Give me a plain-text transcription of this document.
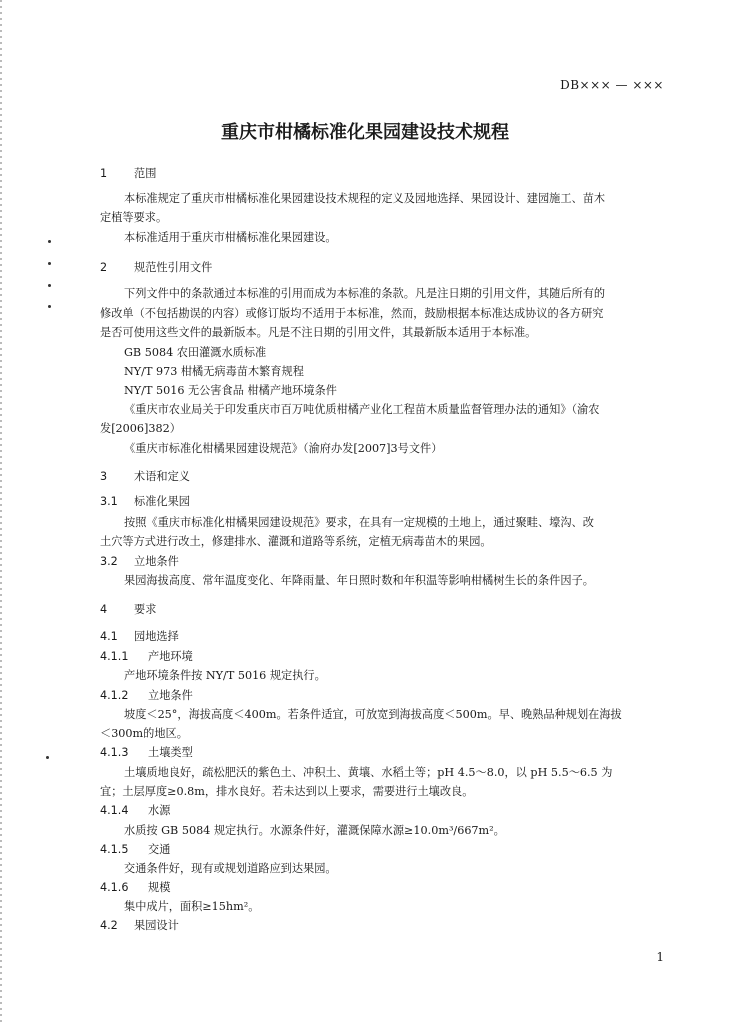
DB××× — ×××
重庆市柑橘标准化果园建设技术规程
1 范围
本标准规定了重庆市柑橘标准化果园建设技术规程的定义及园地选择、果园设计、建园施工、苗木
定植等要求。
本标准适用于重庆市柑橘标准化果园建设。
2 规范性引用文件
下列文件中的条款通过本标准的引用而成为本标准的条款。凡是注日期的引用文件，其随后所有的
修改单（不包括勘误的内容）或修订版均不适用于本标准，然而，鼓励根据本标准达成协议的各方研究
是否可使用这些文件的最新版本。凡是不注日期的引用文件，其最新版本适用于本标准。
GB 5084 农田灌溉水质标准
NY/T 973 柑橘无病毒苗木繁育规程
NY/T 5016 无公害食品 柑橘产地环境条件
《重庆市农业局关于印发重庆市百万吨优质柑橘产业化工程苗木质量监督管理办法的通知》（渝农
发[2006]382）
《重庆市标准化柑橘果园建设规范》（渝府办发[2007]3号文件）
3 术语和定义
3.1 标准化果园
按照《重庆市标准化柑橘果园建设规范》要求，在具有一定规模的土地上，通过聚畦、壕沟、改
土穴等方式进行改土，修建排水、灌溉和道路等系统，定植无病毒苗木的果园。
3.2 立地条件
果园海拔高度、常年温度变化、年降雨量、年日照时数和年积温等影响柑橘树生长的条件因子。
4 要求
4.1 园地选择
4.1.1 产地环境
产地环境条件按 NY/T 5016 规定执行。
4.1.2 立地条件
坡度＜25°，海拔高度＜400m。若条件适宜，可放宽到海拔高度＜500m。早、晚熟品种规划在海拔
＜300m的地区。
4.1.3 土壤类型
土壤质地良好，疏松肥沃的紫色土、冲积土、黄壤、水稻土等；pH 4.5～8.0，以 pH 5.5～6.5 为
宜；土层厚度≥0.8m，排水良好。若未达到以上要求，需要进行土壤改良。
4.1.4 水源
水质按 GB 5084 规定执行。水源条件好，灌溉保障水源≥10.0m³/667m²。
4.1.5 交通
交通条件好，现有或规划道路应到达果园。
4.1.6 规模
集中成片，面积≥15hm²。
4.2 果园设计
1
